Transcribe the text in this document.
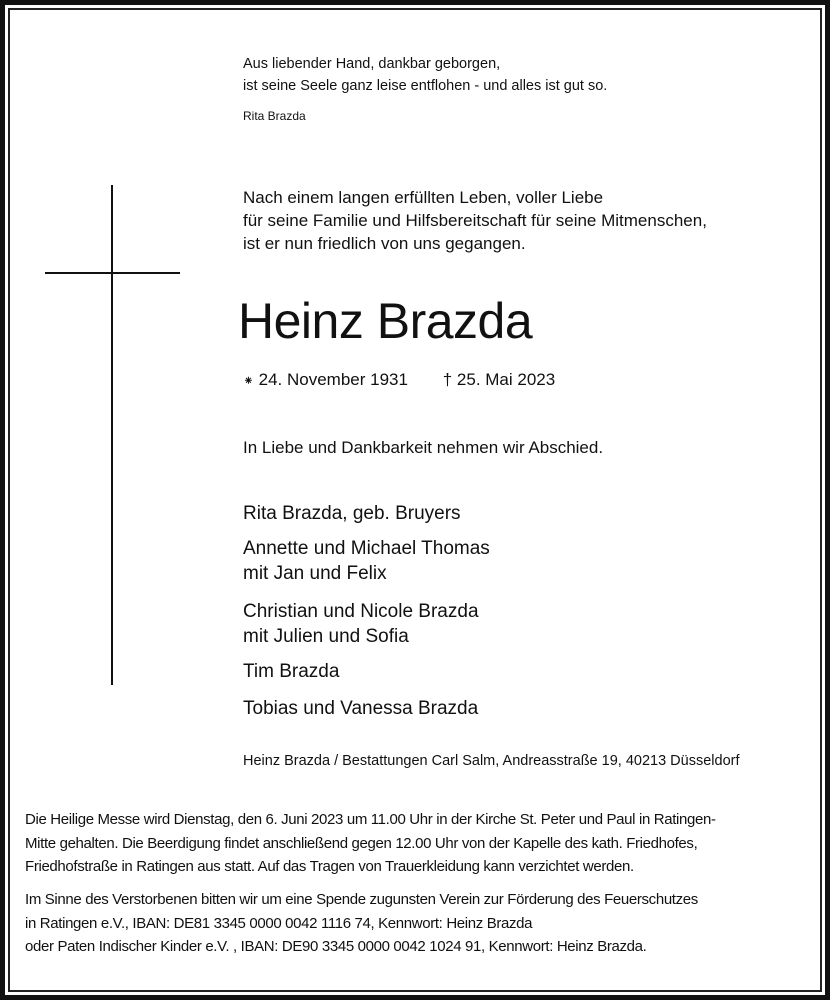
Aus liebender Hand, dankbar geborgen,
ist seine Seele ganz leise entflohen - und alles ist gut so.
Rita Brazda
Nach einem langen erfüllten Leben, voller Liebe
für seine Familie und Hilfsbereitschaft für seine Mitmenschen,
ist er nun friedlich von uns gegangen.
Heinz Brazda
⁕ 24. November 1931 † 25. Mai 2023
In Liebe und Dankbarkeit nehmen wir Abschied.
Rita Brazda, geb. Bruyers
Annette und Michael Thomas
mit Jan und Felix
Christian und Nicole Brazda
mit Julien und Sofia
Tim Brazda
Tobias und Vanessa Brazda
Heinz Brazda / Bestattungen Carl Salm, Andreasstraße 19, 40213 Düsseldorf
Die Heilige Messe wird Dienstag, den 6. Juni 2023 um 11.00 Uhr in der Kirche St. Peter und Paul in Ratingen-
Mitte gehalten. Die Beerdigung findet anschließend gegen 12.00 Uhr von der Kapelle des kath. Friedhofes,
Friedhofstraße in Ratingen aus statt. Auf das Tragen von Trauerkleidung kann verzichtet werden.
Im Sinne des Verstorbenen bitten wir um eine Spende zugunsten Verein zur Förderung des Feuerschutzes
in Ratingen e.V., IBAN: DE81 3345 0000 0042 1116 74, Kennwort: Heinz Brazda
oder Paten Indischer Kinder e.V. , IBAN: DE90 3345 0000 0042 1024 91, Kennwort: Heinz Brazda.
